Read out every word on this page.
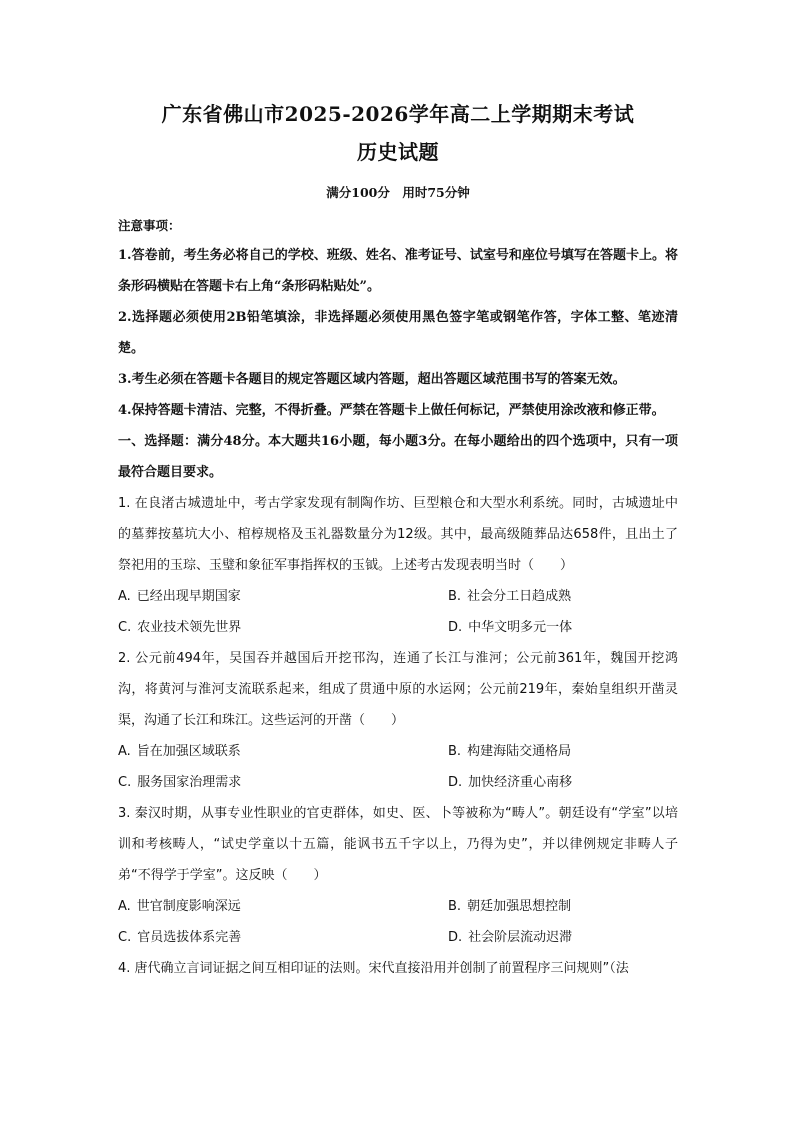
广东省佛山市2025-2026学年高二上学期期末考试
历史试题
满分100分　用时75分钟
注意事项：
1.答卷前，考生务必将自己的学校、班级、姓名、准考证号、试室号和座位号填写在答题卡上。将条形码横贴在答题卡右上角“条形码粘贴处”。
2.选择题必须使用2B铅笔填涂，非选择题必须使用黑色签字笔或钢笔作答，字体工整、笔迹清楚。
3.考生必须在答题卡各题目的规定答题区域内答题，超出答题区域范围书写的答案无效。
4.保持答题卡清洁、完整，不得折叠。严禁在答题卡上做任何标记，严禁使用涂改液和修正带。
一、选择题：满分48分。本大题共16小题，每小题3分。在每小题给出的四个选项中，只有一项最符合题目要求。
1. 在良渚古城遗址中，考古学家发现有制陶作坊、巨型粮仓和大型水利系统。同时，古城遗址中的墓葬按墓坑大小、棺椁规格及玉礼器数量分为12级。其中，最高级随葬品达658件，且出土了祭祀用的玉琮、玉璧和象征军事指挥权的玉钺。上述考古发现表明当时（　　）
A. 已经出现早期国家	B. 社会分工日趋成熟
C. 农业技术领先世界	D. 中华文明多元一体
2. 公元前494年，吴国吞并越国后开挖邗沟，连通了长江与淮河；公元前361年，魏国开挖鸿沟，将黄河与淮河支流联系起来，组成了贯通中原的水运网；公元前219年，秦始皇组织开凿灵渠，沟通了长江和珠江。这些运河的开凿（　　）
A. 旨在加强区域联系	B. 构建海陆交通格局
C. 服务国家治理需求	D. 加快经济重心南移
3. 秦汉时期，从事专业性职业的官吏群体，如史、医、卜等被称为“畴人”。朝廷设有“学室”以培训和考核畴人，“试史学童以十五篇，能讽书五千字以上，乃得为史”，并以律例规定非畴人子弟“不得学于学室”。这反映（　　）
A. 世官制度影响深远	B. 朝廷加强思想控制
C. 官员选拔体系完善	D. 社会阶层流动迟滞
4. 唐代确立言词证据之间互相印证的法则。宋代直接沿用并创制了前置程序三问规则”（法
